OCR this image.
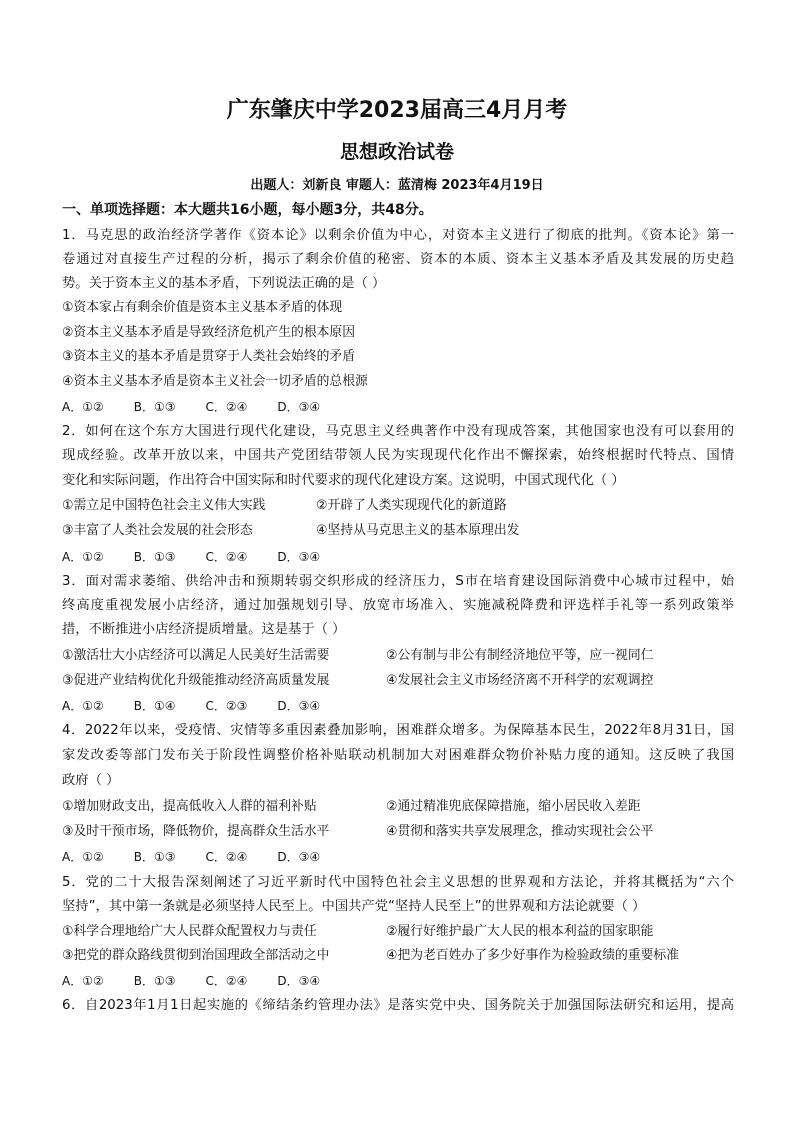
广东肇庆中学2023届高三4月月考
思想政治试卷
出题人：刘新良 审题人：蓝清梅 2023年4月19日
一、单项选择题：本大题共16小题，每小题3分，共48分。
1．马克思的政治经济学著作《资本论》以剩余价值为中心，对资本主义进行了彻底的批判。《资本论》第一
卷通过对直接生产过程的分析，揭示了剩余价值的秘密、资本的本质、资本主义基本矛盾及其发展的历史趋
势。关于资本主义的基本矛盾，下列说法正确的是（ ）
①资本家占有剩余价值是资本主义基本矛盾的体现
②资本主义基本矛盾是导致经济危机产生的根本原因
③资本主义的基本矛盾是贯穿于人类社会始终的矛盾
④资本主义基本矛盾是资本主义社会一切矛盾的总根源
A．①②	B．①③	C．②④	D．③④
2．如何在这个东方大国进行现代化建设，马克思主义经典著作中没有现成答案，其他国家也没有可以套用的
现成经验。改革开放以来，中国共产党团结带领人民为实现现代化作出不懈探索，始终根据时代特点、国情
变化和实际问题，作出符合中国实际和时代要求的现代化建设方案。这说明，中国式现代化（ ）
①需立足中国特色社会主义伟大实践	②开辟了人类实现现代化的新道路
③丰富了人类社会发展的社会形态	④坚持从马克思主义的基本原理出发
A．①②	B．①③	C．②④	D．③④
3．面对需求萎缩、供给冲击和预期转弱交织形成的经济压力，S市在培育建设国际消费中心城市过程中，始
终高度重视发展小店经济，通过加强规划引导、放宽市场准入、实施减税降费和评选样手礼等一系列政策举
措，不断推进小店经济提质增量。这是基于（ ）
①激活壮大小店经济可以满足人民美好生活需要	②公有制与非公有制经济地位平等，应一视同仁
③促进产业结构优化升级能推动经济高质量发展	④发展社会主义市场经济离不开科学的宏观调控
A．①②	B．①④	C．②③	D．③④
4．2022年以来，受疫情、灾情等多重因素叠加影响，困难群众增多。为保障基本民生，2022年8月31日，国
家发改委等部门发布关于阶段性调整价格补贴联动机制加大对困难群众物价补贴力度的通知。这反映了我国
政府（ ）
①增加财政支出，提高低收入人群的福利补贴	②通过精准兜底保障措施，缩小居民收入差距
③及时干预市场，降低物价，提高群众生活水平	④贯彻和落实共享发展理念，推动实现社会公平
A．①②	B．①③	C．②④	D．③④
5．党的二十大报告深刻阐述了习近平新时代中国特色社会主义思想的世界观和方法论，并将其概括为“六个
坚持”，其中第一条就是必须坚持人民至上。中国共产党“坚持人民至上”的世界观和方法论就要（ ）
①科学合理地给广大人民群众配置权力与责任	②履行好维护最广大人民的根本利益的国家职能
③把党的群众路线贯彻到治国理政全部活动之中	④把为老百姓办了多少好事作为检验政绩的重要标准
A．①②	B．①③	C．②④	D．③④
6．自2023年1月1日起实施的《缔结条约管理办法》是落实党中央、国务院关于加强国际法研究和运用，提高
